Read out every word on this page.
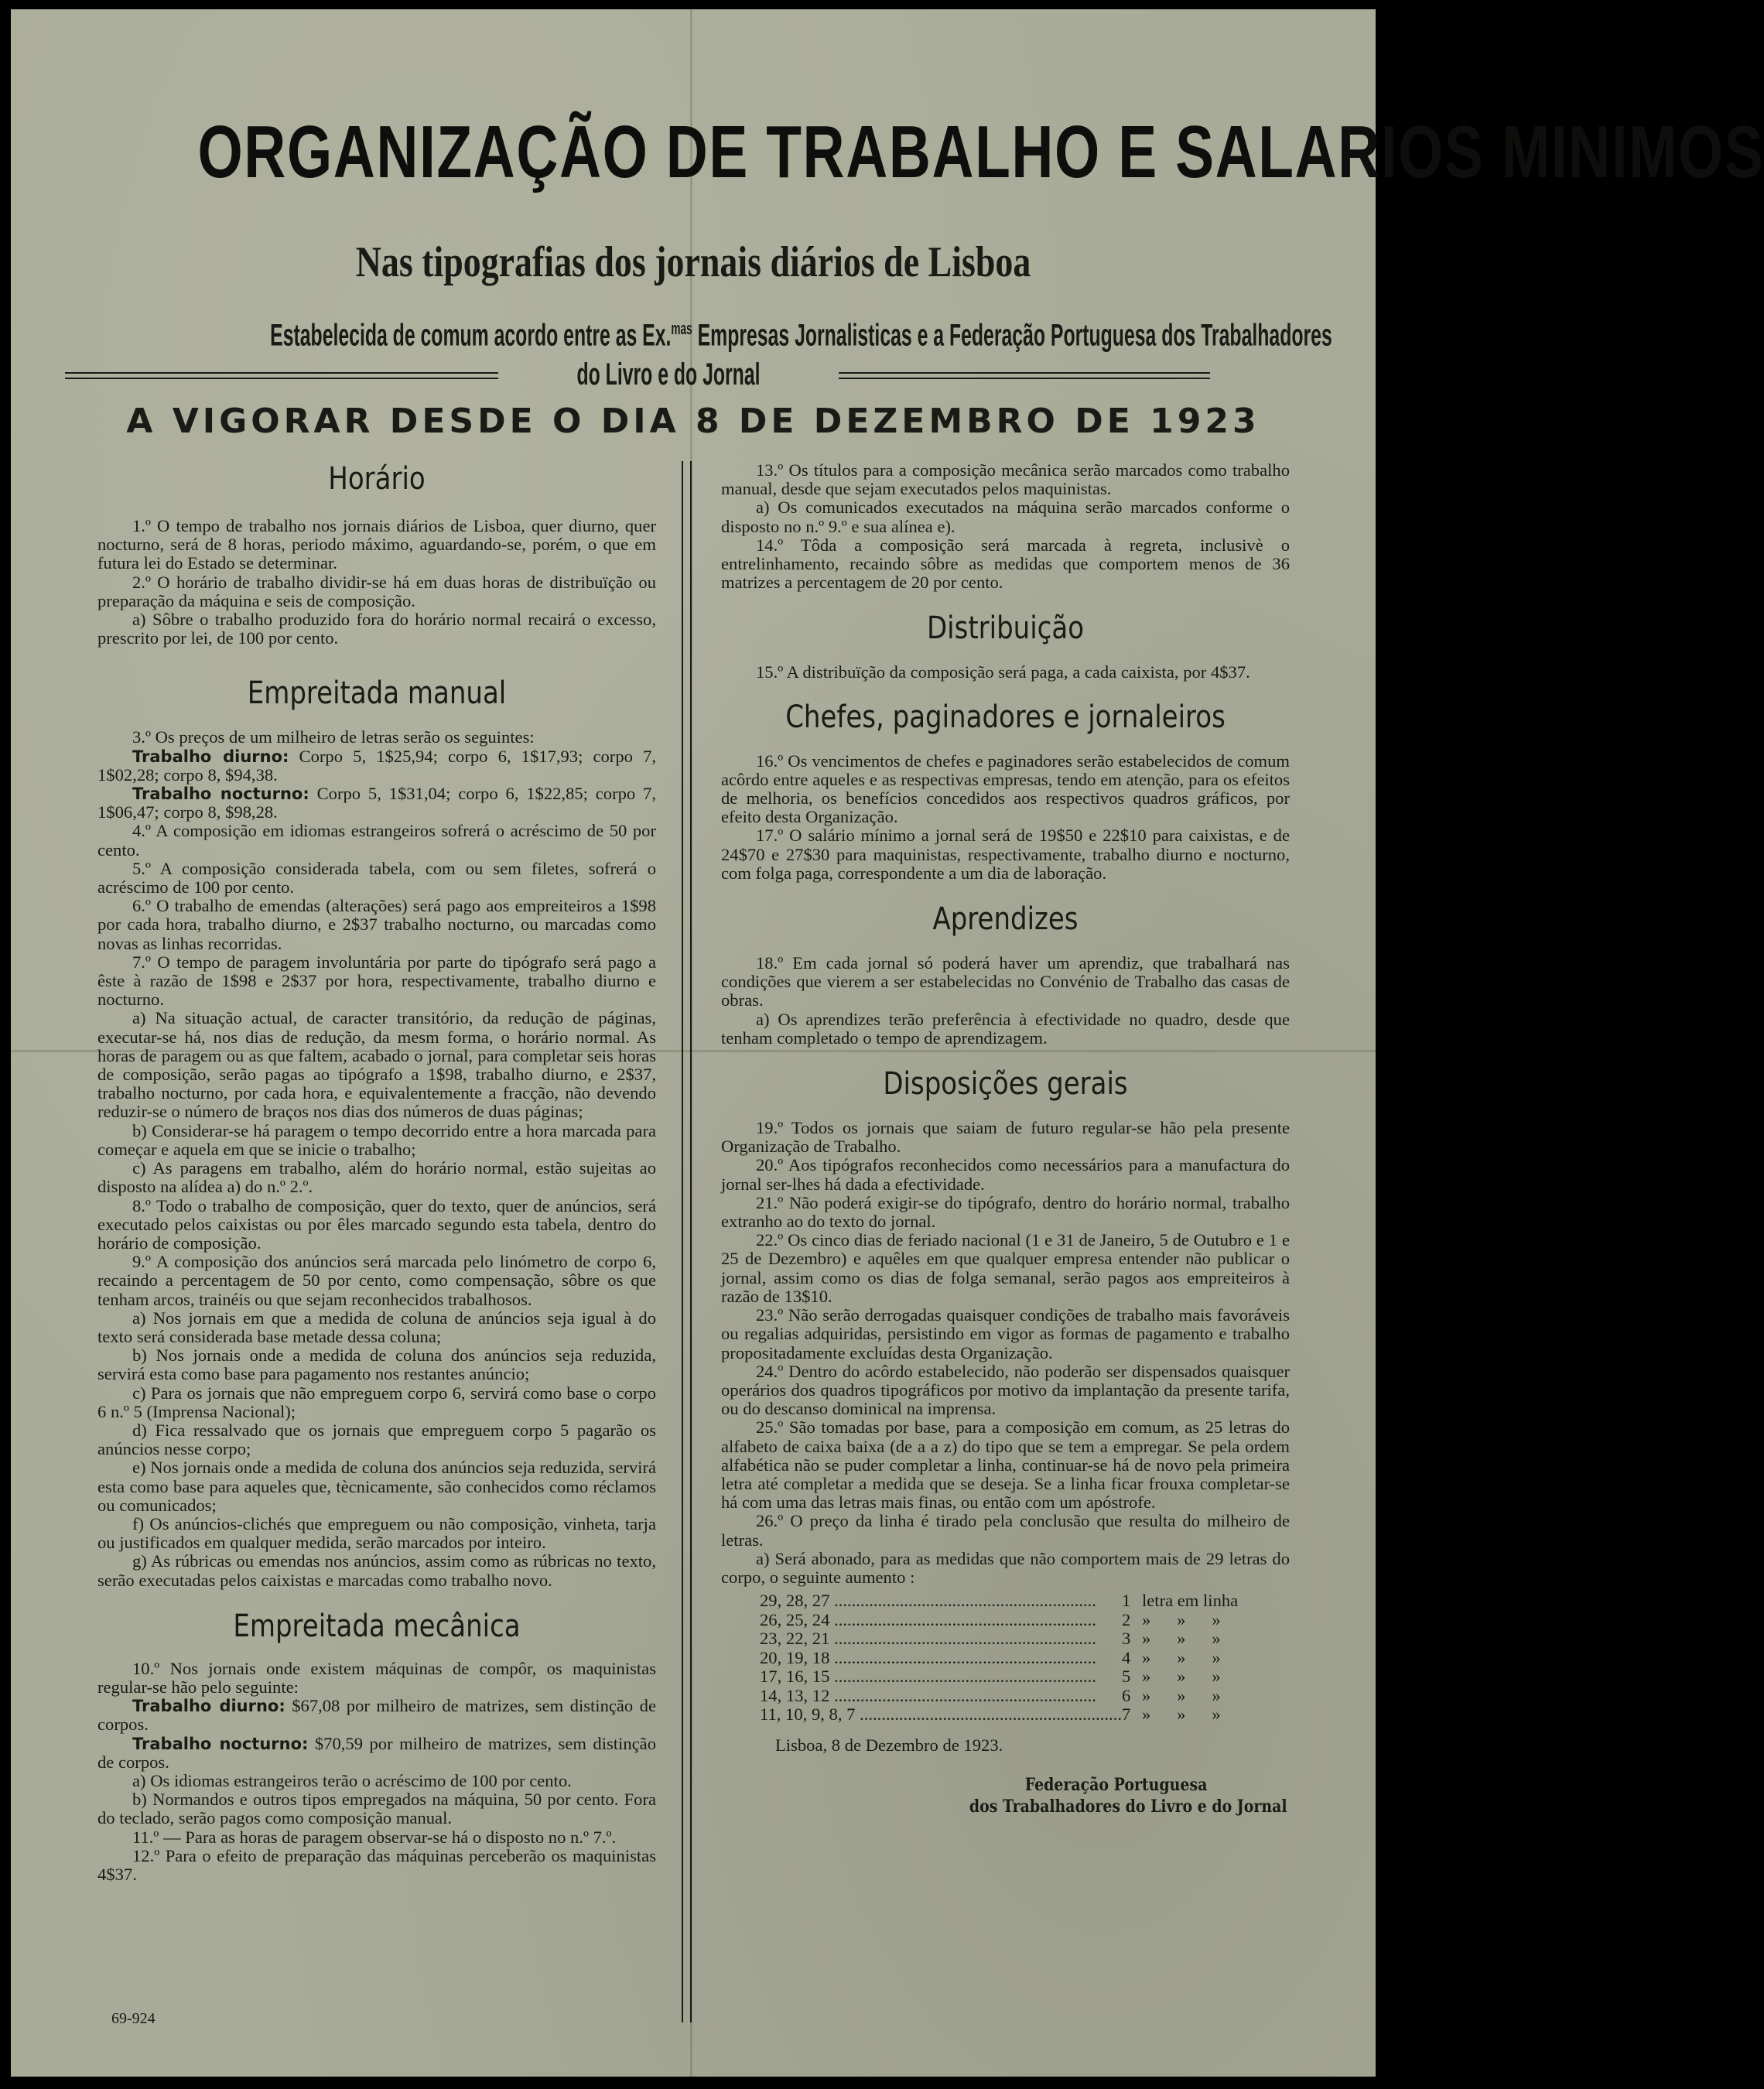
ORGANIZAÇÃO DE TRABALHO E SALARIOS MINIMOS
Nas tipografias dos jornais diários de Lisboa
Estabelecida de comum acordo entre as Ex.$^{mas}$ Empresas Jornalisticas e a Federação Portuguesa dos Trabalhadores
do Livro e do Jornal
A VIGORAR DESDE O DIA 8 DE DEZEMBRO DE 1923
Horário

1.º O tempo de trabalho nos jornais diários de Lisboa, quer diurno, quer nocturno, será de 8 horas, periodo máximo, aguardando-se, porém, o que em futura lei do Estado se determinar.

2.º O horário de trabalho dividir-se há em duas horas de distribuïção ou preparação da máquina e seis de composição.

a) Sôbre o trabalho produzido fora do horário normal recairá o excesso, prescrito por lei, de 100 por cento.

Empreitada manual

3.º Os preços de um milheiro de letras serão os seguintes:

Trabalho diurno: Corpo 5, 1$25,94; corpo 6, 1$17,93; corpo 7, 1$02,28; corpo 8, $94,38.

Trabalho nocturno: Corpo 5, 1$31,04; corpo 6, 1$22,85; corpo 7, 1$06,47; corpo 8, $98,28.

4.º A composição em idiomas estrangeiros sofrerá o acréscimo de 50 por cento.

5.º A composição considerada tabela, com ou sem filetes, sofrerá o acréscimo de 100 por cento.

6.º O trabalho de emendas (alterações) será pago aos empreiteiros a 1$98 por cada hora, trabalho diurno, e 2$37 trabalho nocturno, ou marcadas como novas as linhas recorridas.

7.º O tempo de paragem involuntária por parte do tipógrafo será pago a êste à razão de 1$98 e 2$37 por hora, respectivamente, trabalho diurno e nocturno.

a) Na situação actual, de caracter transitório, da redução de páginas, executar-se há, nos dias de redução, da mesm forma, o horário normal. As horas de paragem ou as que faltem, acabado o jornal, para completar seis horas de composição, serão pagas ao tipógrafo a 1$98, trabalho diurno, e 2$37, trabalho nocturno, por cada hora, e equivalentemente a fracção, não devendo reduzir-se o número de braços nos dias dos números de duas páginas;

b) Considerar-se há paragem o tempo decorrido entre a hora marcada para começar e aquela em que se inicie o trabalho;

c) As paragens em trabalho, além do horário normal, estão sujeitas ao disposto na alídea a) do n.º 2.º.

8.º Todo o trabalho de composição, quer do texto, quer de anúncios, será executado pelos caixistas ou por êles marcado segundo esta tabela, dentro do horário de composição.

9.º A composição dos anúncios será marcada pelo linómetro de corpo 6, recaindo a percentagem de 50 por cento, como compensação, sôbre os que tenham arcos, trainéis ou que sejam reconhecidos trabalhosos.

a) Nos jornais em que a medida de coluna de anúncios seja igual à do texto será considerada base metade dessa coluna;

b) Nos jornais onde a medida de coluna dos anúncios seja reduzida, servirá esta como base para pagamento nos restantes anúncio;

c) Para os jornais que não empreguem corpo 6, servirá como base o corpo 6 n.º 5 (Imprensa Nacional);

d) Fica ressalvado que os jornais que empreguem corpo 5 pagarão os anúncios nesse corpo;

e) Nos jornais onde a medida de coluna dos anúncios seja reduzida, servirá esta como base para aqueles que, tècnicamente, são conhecidos como réclamos ou comunicados;

f) Os anúncios-clichés que empreguem ou não composição, vinheta, tarja ou justificados em qualquer medida, serão marcados por inteiro.

g) As rúbricas ou emendas nos anúncios, assim como as rúbricas no texto, serão executadas pelos caixistas e marcadas como trabalho novo.

Empreitada mecânica

10.º Nos jornais onde existem máquinas de compôr, os maquinistas regular-se hão pelo seguinte:

Trabalho diurno: $67,08 por milheiro de matrizes, sem distinção de corpos.

Trabalho nocturno: $70,59 por milheiro de matrizes, sem distinção de corpos.

a) Os idiomas estrangeiros terão o acréscimo de 100 por cento.

b) Normandos e outros tipos empregados na máquina, 50 por cento. Fora do teclado, serão pagos como composição manual.

11.º — Para as horas de paragem observar-se há o disposto no n.º 7.º.

12.º Para o efeito de preparação das máquinas perceberão os maquinistas 4$37.

69-924

13.º Os títulos para a composição mecânica serão marcados como trabalho manual, desde que sejam executados pelos maquinistas.

a) Os comunicados executados na máquina serão marcados conforme o disposto no n.º 9.º e sua alínea e).

14.º Tôda a composição será marcada à regreta, inclusivè o entrelinhamento, recaindo sôbre as medidas que comportem menos de 36 matrizes a percentagem de 20 por cento.

Distribuição

15.º A distribuïção da composição será paga, a cada caixista, por 4$37.

Chefes, paginadores e jornaleiros

16.º Os vencimentos de chefes e paginadores serão estabelecidos de comum acôrdo entre aqueles e as respectivas empresas, tendo em atenção, para os efeitos de melhoria, os benefícios concedidos aos respectivos quadros gráficos, por efeito desta Organização.

17.º O salário mínimo a jornal será de 19$50 e 22$10 para caixistas, e de 24$70 e 27$30 para maquinistas, respectivamente, trabalho diurno e nocturno, com folga paga, correspondente a um dia de laboração.

Aprendizes

18.º Em cada jornal só poderá haver um aprendiz, que trabalhará nas condições que vierem a ser estabelecidas no Convénio de Trabalho das casas de obras.

a) Os aprendizes terão preferência à efectividade no quadro, desde que tenham completado o tempo de aprendizagem.

Disposições gerais

19.º Todos os jornais que saiam de futuro regular-se hão pela presente Organização de Trabalho.

20.º Aos tipógrafos reconhecidos como necessários para a manufactura do jornal ser-lhes há dada a efectividade.

21.º Não poderá exigir-se do tipógrafo, dentro do horário normal, trabalho extranho ao do texto do jornal.

22.º Os cinco dias de feriado nacional (1 e 31 de Janeiro, 5 de Outubro e 1 e 25 de Dezembro) e aquêles em que qualquer empresa entender não publicar o jornal, assim como os dias de folga semanal, serão pagos aos empreiteiros à razão de 13$10.

23.º Não serão derrogadas quaisquer condições de trabalho mais favoráveis ou regalias adquiridas, persistindo em vigor as formas de pagamento e trabalho propositadamente excluídas desta Organização.

24.º Dentro do acôrdo estabelecido, não poderão ser dispensados quaisquer operários dos quadros tipográficos por motivo da implantação da presente tarifa, ou do descanso dominical na imprensa.

25.º São tomadas por base, para a composição em comum, as 25 letras do alfabeto de caixa baixa (de a a z) do tipo que se tem a empregar. Se pela ordem alfabética não se puder completar a linha, continuar-se há de novo pela primeira letra até completar a medida que se deseja. Se a linha ficar frouxa completar-se há com uma das letras mais finas, ou então com um apóstrofe.

26.º O preço da linha é tirado pela conclusão que resulta do milheiro de letras.

a) Será abonado, para as medidas que não comportem mais de 29 letras do corpo, o seguinte aumento :

29, 28, 27 ............................................................	1	letra em linha
26, 25, 24 ............................................................	2	»      »      »
23, 22, 21 ............................................................	3	»      »      »
20, 19, 18 ............................................................	4	»      »      »
17, 16, 15 ............................................................	5	»      »      »
14, 13, 12 ............................................................	6	»      »      »
11, 10, 9, 8, 7 ............................................................	7	»      »      »
Lisboa, 8 de Dezembro de 1923.
Federação Portuguesa
dos Trabalhadores do Livro e do Jornal
